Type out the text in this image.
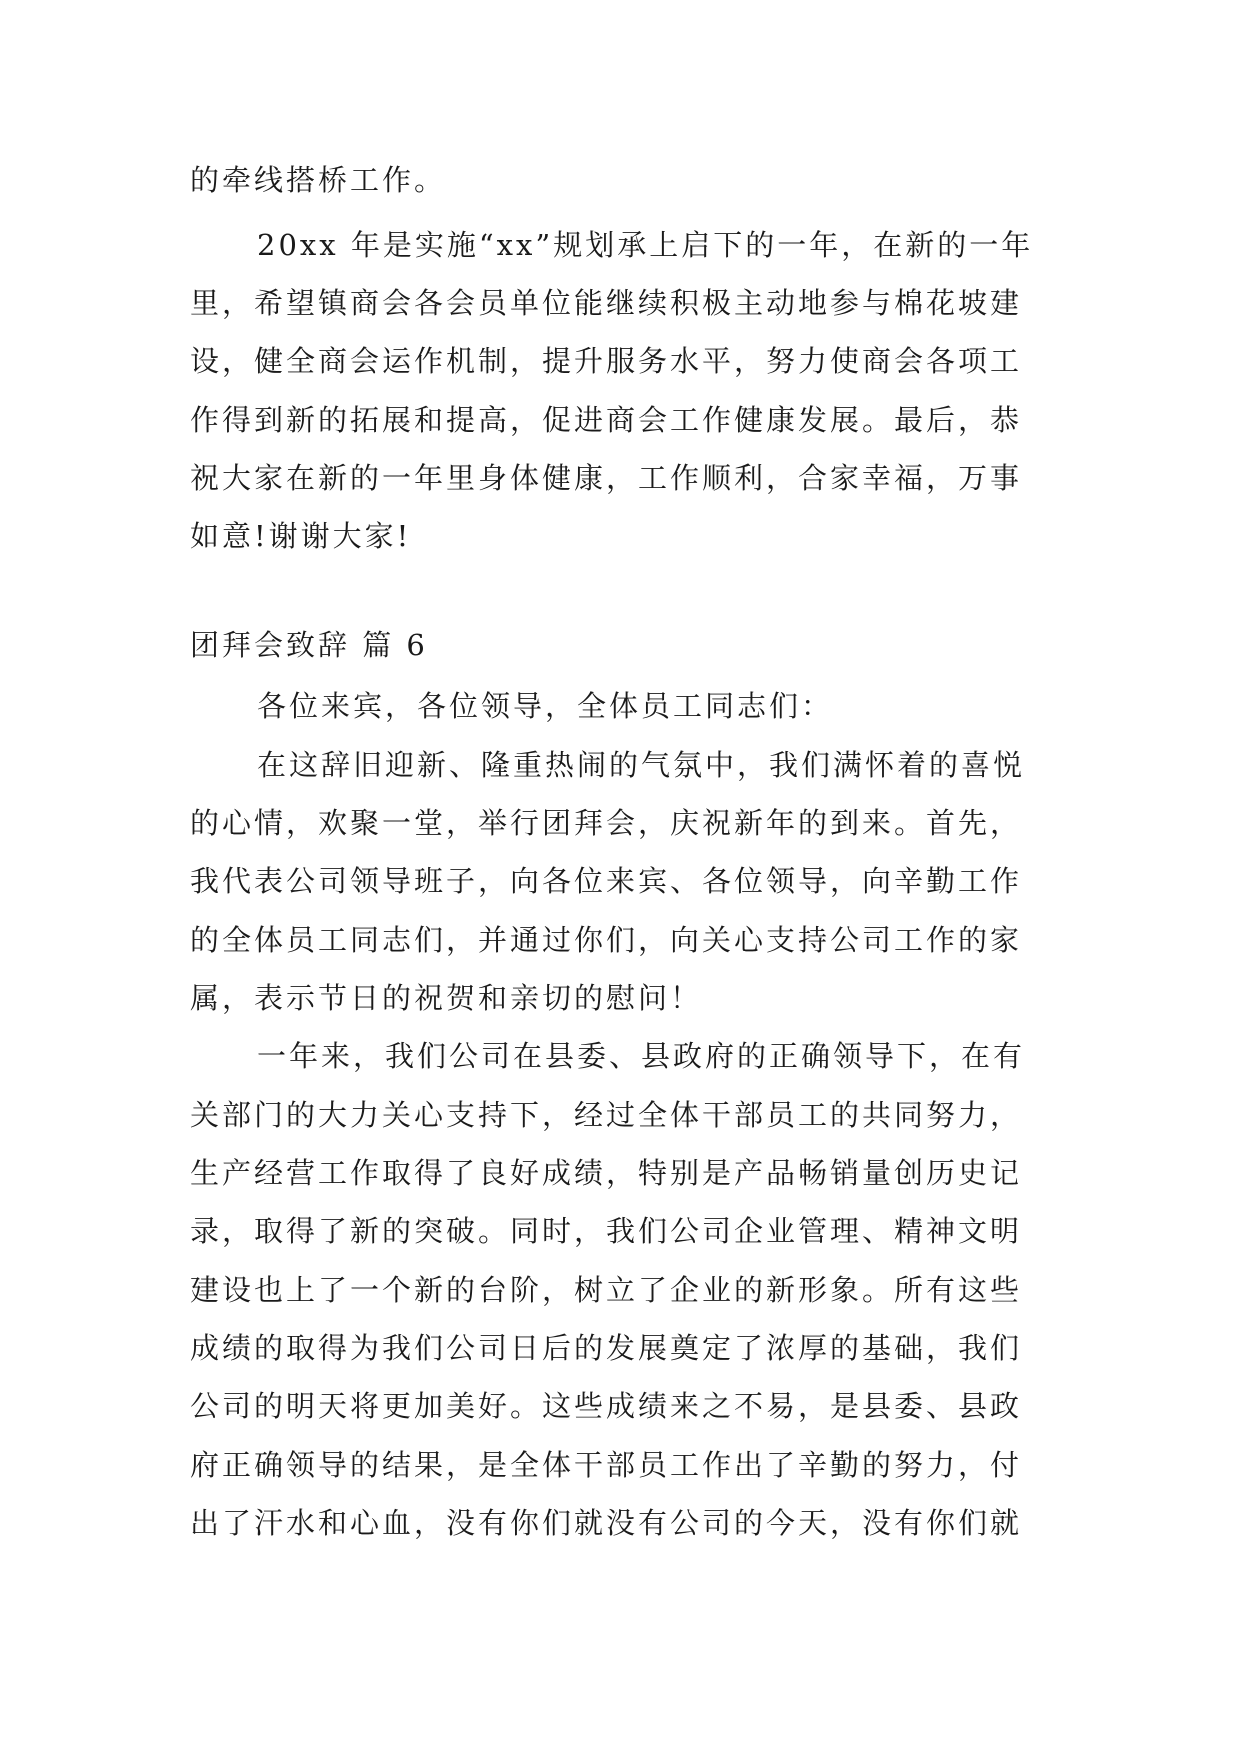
的牵线搭桥工作。
20xx 年是实施“xx”规划承上启下的一年，在新的一年
里，希望镇商会各会员单位能继续积极主动地参与棉花坡建
设，健全商会运作机制，提升服务水平，努力使商会各项工
作得到新的拓展和提高，促进商会工作健康发展。最后，恭
祝大家在新的一年里身体健康，工作顺利，合家幸福，万事
如意!谢谢大家!
团拜会致辞 篇 6
各位来宾，各位领导，全体员工同志们：
在这辞旧迎新、隆重热闹的气氛中，我们满怀着的喜悦
的心情，欢聚一堂，举行团拜会，庆祝新年的到来。首先，
我代表公司领导班子，向各位来宾、各位领导，向辛勤工作
的全体员工同志们，并通过你们，向关心支持公司工作的家
属，表示节日的祝贺和亲切的慰问！
一年来，我们公司在县委、县政府的正确领导下，在有
关部门的大力关心支持下，经过全体干部员工的共同努力，
生产经营工作取得了良好成绩，特别是产品畅销量创历史记
录，取得了新的突破。同时，我们公司企业管理、精神文明
建设也上了一个新的台阶，树立了企业的新形象。所有这些
成绩的取得为我们公司日后的发展奠定了浓厚的基础，我们
公司的明天将更加美好。这些成绩来之不易，是县委、县政
府正确领导的结果，是全体干部员工作出了辛勤的努力，付
出了汗水和心血，没有你们就没有公司的今天，没有你们就
